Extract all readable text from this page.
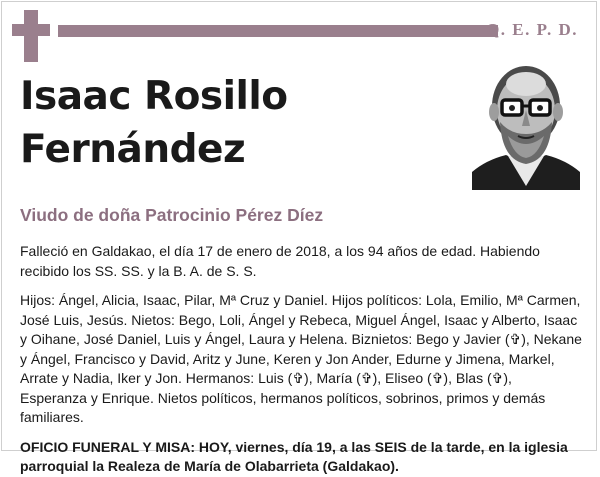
Q. E. P. D.
Isaac Rosillo
Fernández
Viudo de doña Patrocinio Pérez Díez

Falleció en Galdakao, el día 17 de enero de 2018, a los 94 años de edad. Habiendo recibido los SS. SS. y la B. A. de S. S.

Hijos: Ángel, Alicia, Isaac, Pilar, Mª Cruz y Daniel. Hijos políticos: Lola, Emilio, Mª Carmen, José Luis, Jesús. Nietos: Bego, Loli, Ángel y Rebeca, Miguel Ángel, Isaac y Alberto, Isaac y Oihane, José Daniel, Luis y Ángel, Laura y Helena. Biznietos: Bego y Javier (✞), Nekane y Ángel, Francisco y David, Aritz y June, Keren y Jon Ander, Edurne y Jimena, Markel, Arrate y Nadia, Iker y Jon. Hermanos: Luis (✞), María (✞), Eliseo (✞), Blas (✞), Esperanza y Enrique. Nietos políticos, hermanos políticos, sobrinos, primos y demás familiares.

OFICIO FUNERAL Y MISA: HOY, viernes, día 19, a las SEIS de la tarde, en la iglesia parroquial la Realeza de María de Olabarrieta (Galdakao).
